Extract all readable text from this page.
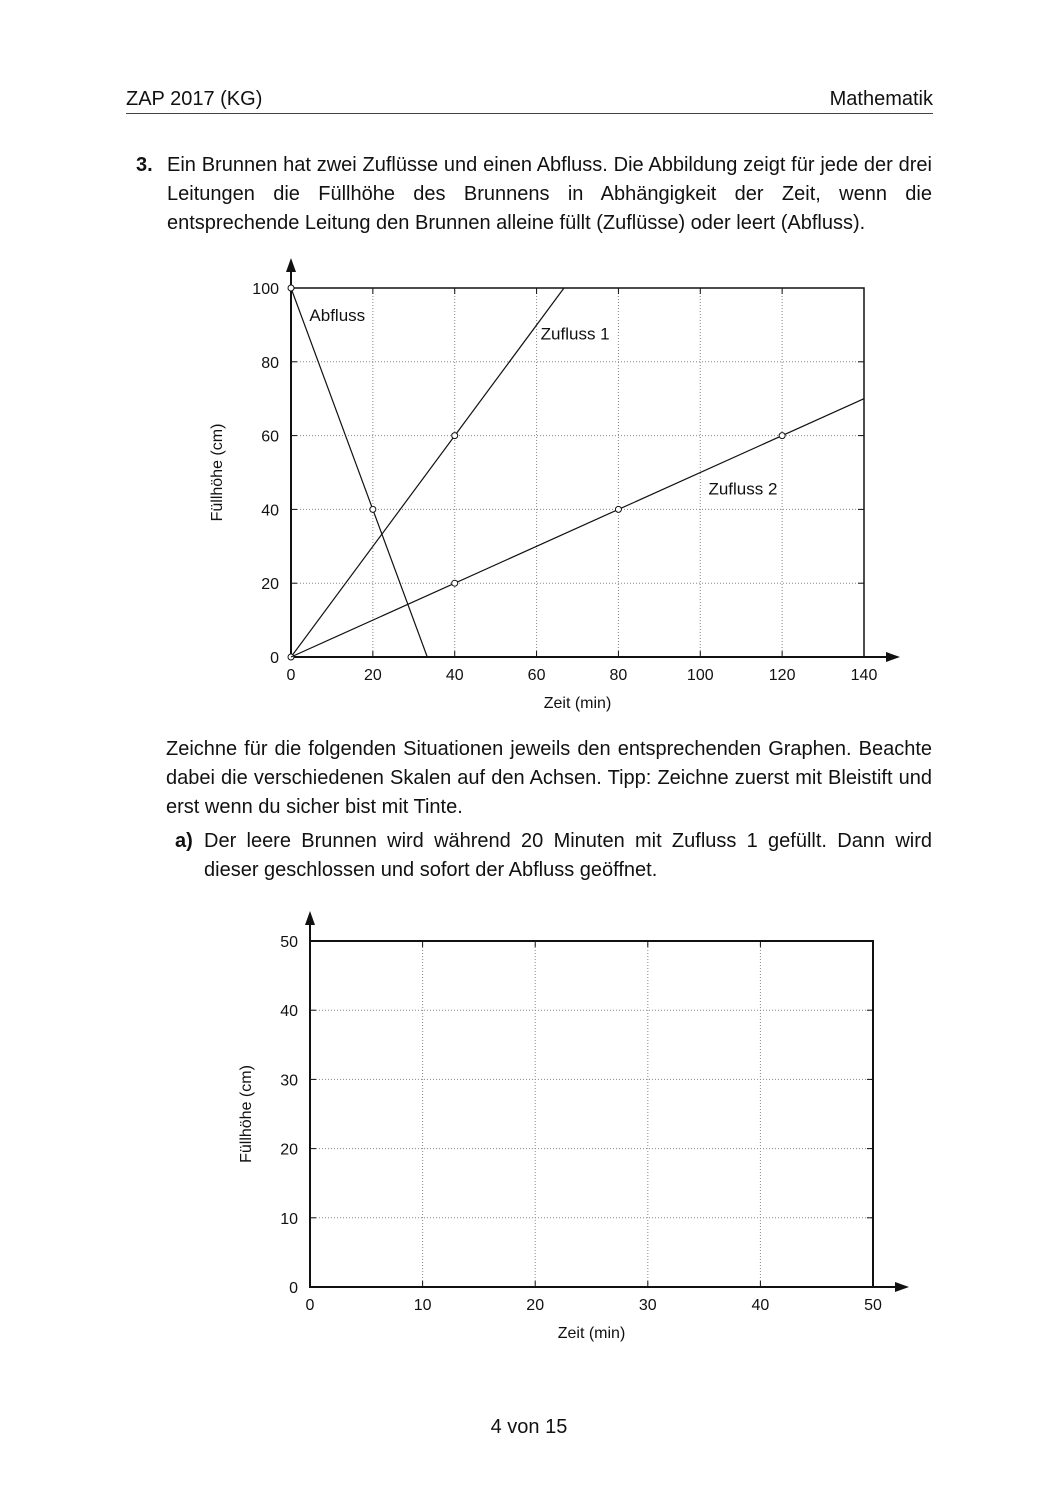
ZAP 2017 (KG)	Mathematik
3. Ein Brunnen hat zwei Zuflüsse und einen Abfluss. Die Abbildung zeigt für jede der drei Leitungen die Füllhöhe des Brunnens in Abhängigkeit der Zeit, wenn die entsprechende Leitung den Brunnen alleine füllt (Zuflüsse) oder leert (Abfluss).
0	20	40	60	80	100	120	140
0
20
40
60
80
100
Zeit (min)
Füllhöhe (cm)
Abfluss
Zufluss 1
Zufluss 2
Zeichne für die folgenden Situationen jeweils den entsprechenden Graphen. Beachte dabei die verschiedenen Skalen auf den Achsen. Tipp: Zeichne zuerst mit Bleistift und erst wenn du sicher bist mit Tinte.
a) Der leere Brunnen wird während 20 Minuten mit Zufluss 1 gefüllt. Dann wird dieser geschlossen und sofort der Abfluss geöffnet.
0	10	20	30	40	50
0
10
20
30
40
50
Zeit (min)
Füllhöhe (cm)
4 von 15
